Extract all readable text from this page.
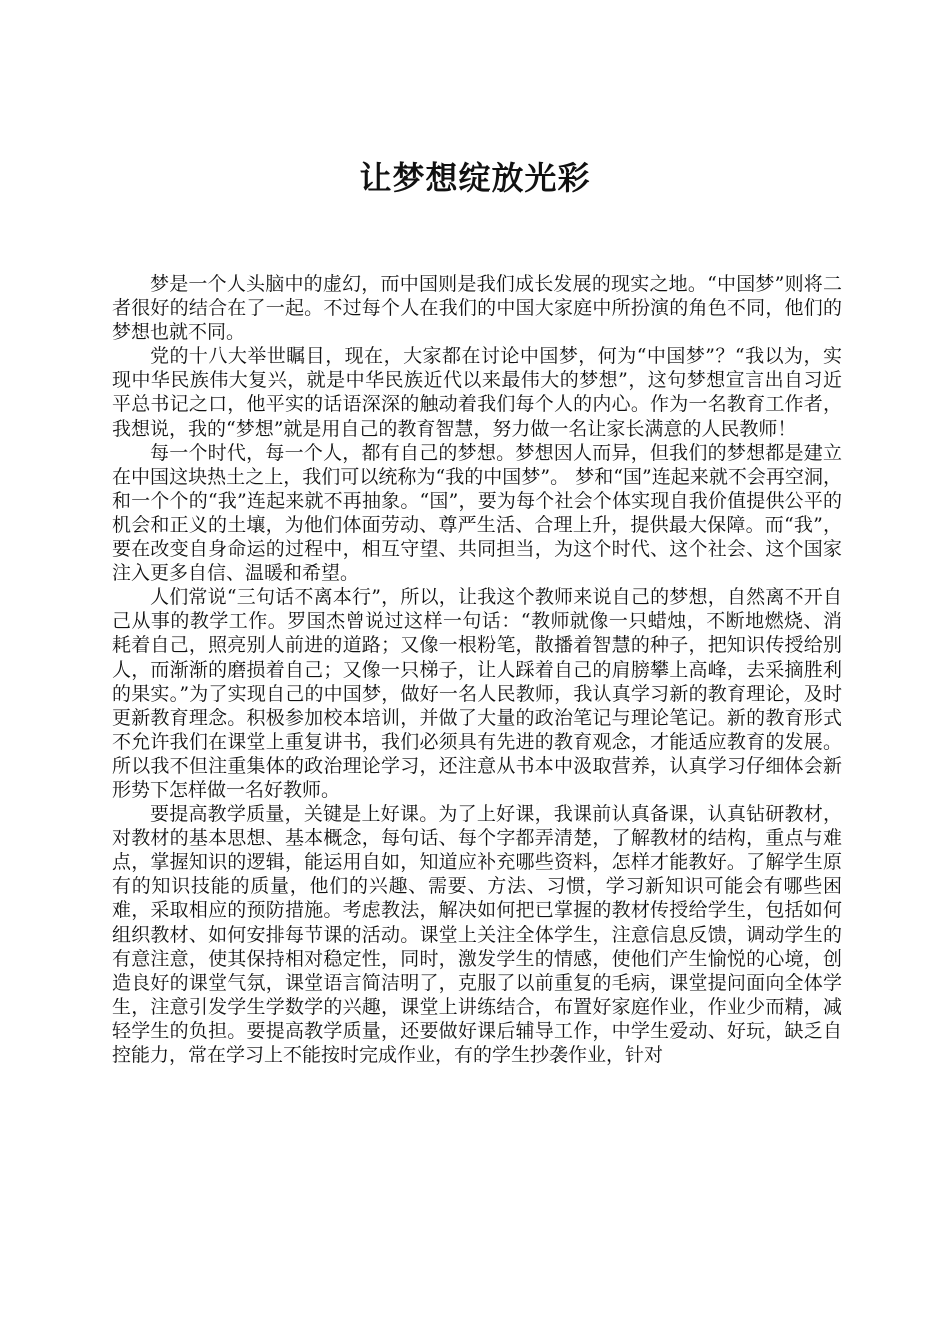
让梦想绽放光彩

梦是一个人头脑中的虚幻，而中国则是我们成长发展的现实之地。“中国梦”则将二者很好的结合在了一起。不过每个人在我们的中国大家庭中所扮演的角色不同，他们的梦想也就不同。

党的十八大举世瞩目，现在，大家都在讨论中国梦，何为“中国梦”？“我以为，实现中华民族伟大复兴，就是中华民族近代以来最伟大的梦想”，这句梦想宣言出自习近平总书记之口，他平实的话语深深的触动着我们每个人的内心。作为一名教育工作者，我想说，我的“梦想”就是用自己的教育智慧，努力做一名让家长满意的人民教师！

每一个时代，每一个人，都有自己的梦想。梦想因人而异，但我们的梦想都是建立在中国这块热土之上，我们可以统称为“我的中国梦”。 梦和“国”连起来就不会再空洞，和一个个的“我”连起来就不再抽象。“国”，要为每个社会个体实现自我价值提供公平的机会和正义的土壤，为他们体面劳动、尊严生活、合理上升，提供最大保障。而“我”，要在改变自身命运的过程中，相互守望、共同担当，为这个时代、这个社会、这个国家注入更多自信、温暖和希望。

人们常说“三句话不离本行”，所以，让我这个教师来说自己的梦想，自然离不开自己从事的教学工作。罗国杰曾说过这样一句话：“教师就像一只蜡烛，不断地燃烧、消耗着自己，照亮别人前进的道路；又像一根粉笔，散播着智慧的种子，把知识传授给别人，而渐渐的磨损着自己；又像一只梯子，让人踩着自己的肩膀攀上高峰，去采摘胜利的果实。”为了实现自己的中国梦，做好一名人民教师，我认真学习新的教育理论，及时更新教育理念。积极参加校本培训，并做了大量的政治笔记与理论笔记。新的教育形式不允许我们在课堂上重复讲书，我们必须具有先进的教育观念，才能适应教育的发展。所以我不但注重集体的政治理论学习，还注意从书本中汲取营养，认真学习仔细体会新形势下怎样做一名好教师。

要提高教学质量，关键是上好课。为了上好课，我课前认真备课，认真钻研教材，对教材的基本思想、基本概念，每句话、每个字都弄清楚，了解教材的结构，重点与难点，掌握知识的逻辑，能运用自如，知道应补充哪些资料，怎样才能教好。了解学生原有的知识技能的质量，他们的兴趣、需要、方法、习惯，学习新知识可能会有哪些困难，采取相应的预防措施。考虑教法，解决如何把已掌握的教材传授给学生，包括如何组织教材、如何安排每节课的活动。课堂上关注全体学生，注意信息反馈，调动学生的有意注意，使其保持相对稳定性，同时，激发学生的情感，使他们产生愉悦的心境，创造良好的课堂气氛，课堂语言简洁明了，克服了以前重复的毛病，课堂提问面向全体学生，注意引发学生学数学的兴趣，课堂上讲练结合，布置好家庭作业，作业少而精，减轻学生的负担。要提高教学质量，还要做好课后辅导工作，中学生爱动、好玩，缺乏自控能力，常在学习上不能按时完成作业，有的学生抄袭作业，针对
